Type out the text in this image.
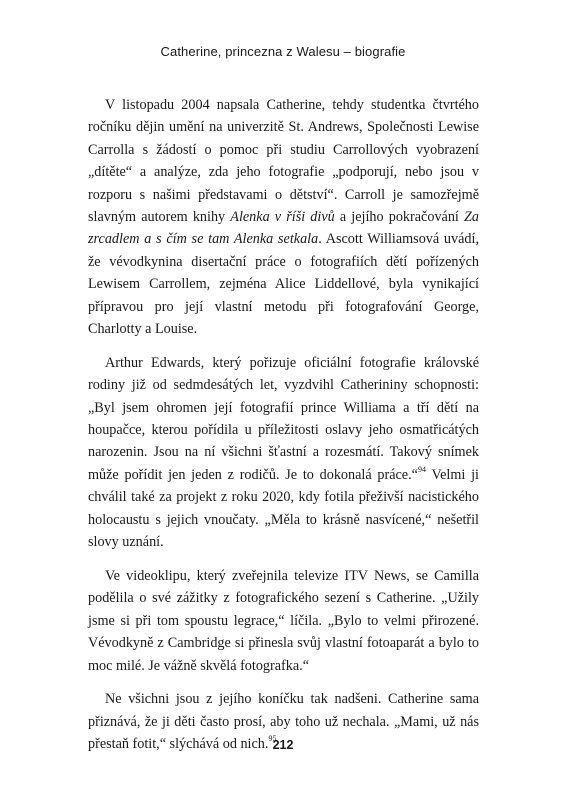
Catherine, princezna z Walesu – biografie

V listopadu 2004 napsala Catherine, tehdy studentka čtvrtého ročníku dějin umění na univerzitě St. Andrews, Společnosti Lewise Carrolla s žádostí o pomoc při studiu Carrollových vyobrazení „dítěte“ a analýze, zda jeho fotografie „podporují, nebo jsou v rozporu s našimi představami o dětství“. Carroll je samozřejmě slavným autorem knihy Alenka v říši divů a jejího pokračování Za zrcadlem a s čím se tam Alenka setkala. Ascott Williamsová uvádí, že vévodkynina disertační práce o fotografiích dětí pořízených Lewisem Carrollem, zejména Alice Liddellové, byla vynikající přípravou pro její vlastní metodu při fotografování George, Charlotty a Louise.

Arthur Edwards, který pořizuje oficiální fotografie královské rodiny již od sedmdesátých let, vyzdvihl Catherininy schopnosti: „Byl jsem ohromen její fotografií prince Williama a tří dětí na houpačce, kterou pořídila u příležitosti oslavy jeho osmatřicátých narozenin. Jsou na ní všichni šťastní a rozesmátí. Takový snímek může pořídit jen jeden z rodičů. Je to dokonalá práce.“$^{94}$ Velmi ji chválil také za projekt z roku 2020, kdy fotila přeživší nacistického holocaustu s jejich vnoučaty. „Měla to krásně nasvícené,“ nešetřil slovy uznání.

Ve videoklipu, který zveřejnila televize ITV News, se Camilla podělila o své zážitky z fotografického sezení s Catherine. „Užily jsme si při tom spoustu legrace,“ líčila. „Bylo to velmi přirozené. Vévodkyně z Cambridge si přinesla svůj vlastní fotoaparát a bylo to moc milé. Je vážně skvělá fotografka.“

Ne všichni jsou z jejího koníčku tak nadšeni. Catherine sama přiznává, že ji děti často prosí, aby toho už nechala. „Mami, už nás přestaň fotit,“ slýchává od nich.$^{95}$

212
